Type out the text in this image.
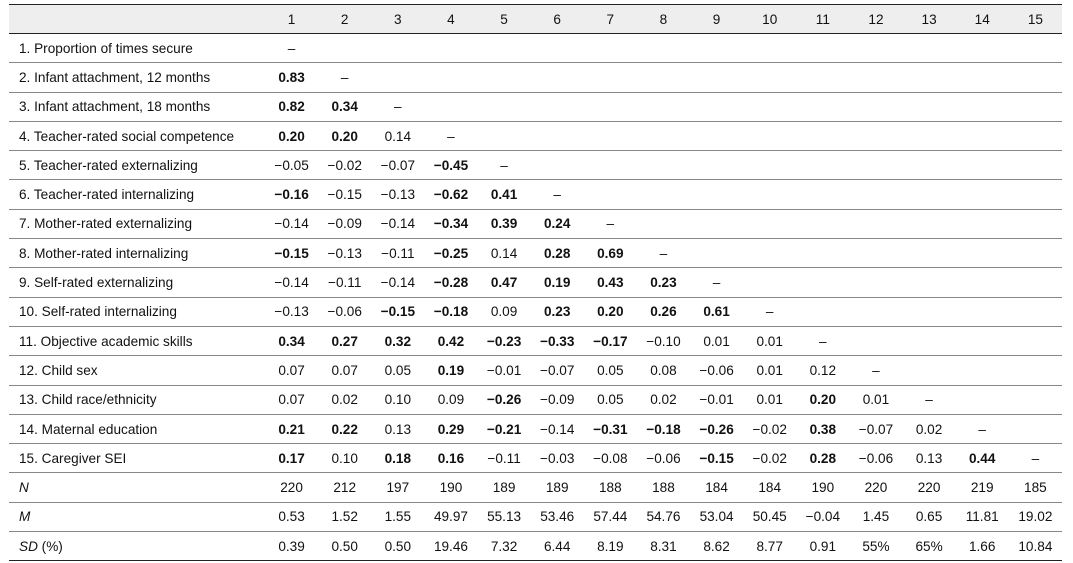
	1	2	3	4	5	6	7	8	9	10	11	12	13	14	15
1. Proportion of times secure	–														
2. Infant attachment, 12 months	0.83	–													
3. Infant attachment, 18 months	0.82	0.34	–												
4. Teacher-rated social competence	0.20	0.20	0.14	–											
5. Teacher-rated externalizing	−0.05	−0.02	−0.07	−0.45	–										
6. Teacher-rated internalizing	−0.16	−0.15	−0.13	−0.62	0.41	–									
7. Mother-rated externalizing	−0.14	−0.09	−0.14	−0.34	0.39	0.24	–								
8. Mother-rated internalizing	−0.15	−0.13	−0.11	−0.25	0.14	0.28	0.69	–							
9. Self-rated externalizing	−0.14	−0.11	−0.14	−0.28	0.47	0.19	0.43	0.23	–						
10. Self-rated internalizing	−0.13	−0.06	−0.15	−0.18	0.09	0.23	0.20	0.26	0.61	–					
11. Objective academic skills	0.34	0.27	0.32	0.42	−0.23	−0.33	−0.17	−0.10	0.01	0.01	–				
12. Child sex	0.07	0.07	0.05	0.19	−0.01	−0.07	0.05	0.08	−0.06	0.01	0.12	–			
13. Child race/ethnicity	0.07	0.02	0.10	0.09	−0.26	−0.09	0.05	0.02	−0.01	0.01	0.20	0.01	–		
14. Maternal education	0.21	0.22	0.13	0.29	−0.21	−0.14	−0.31	−0.18	−0.26	−0.02	0.38	−0.07	0.02	–	
15. Caregiver SEI	0.17	0.10	0.18	0.16	−0.11	−0.03	−0.08	−0.06	−0.15	−0.02	0.28	−0.06	0.13	0.44	–
N	220	212	197	190	189	189	188	188	184	184	190	220	220	219	185
M	0.53	1.52	1.55	49.97	55.13	53.46	57.44	54.76	53.04	50.45	−0.04	1.45	0.65	11.81	19.02
SD (%)	0.39	0.50	0.50	19.46	7.32	6.44	8.19	8.31	8.62	8.77	0.91	55%	65%	1.66	10.84
